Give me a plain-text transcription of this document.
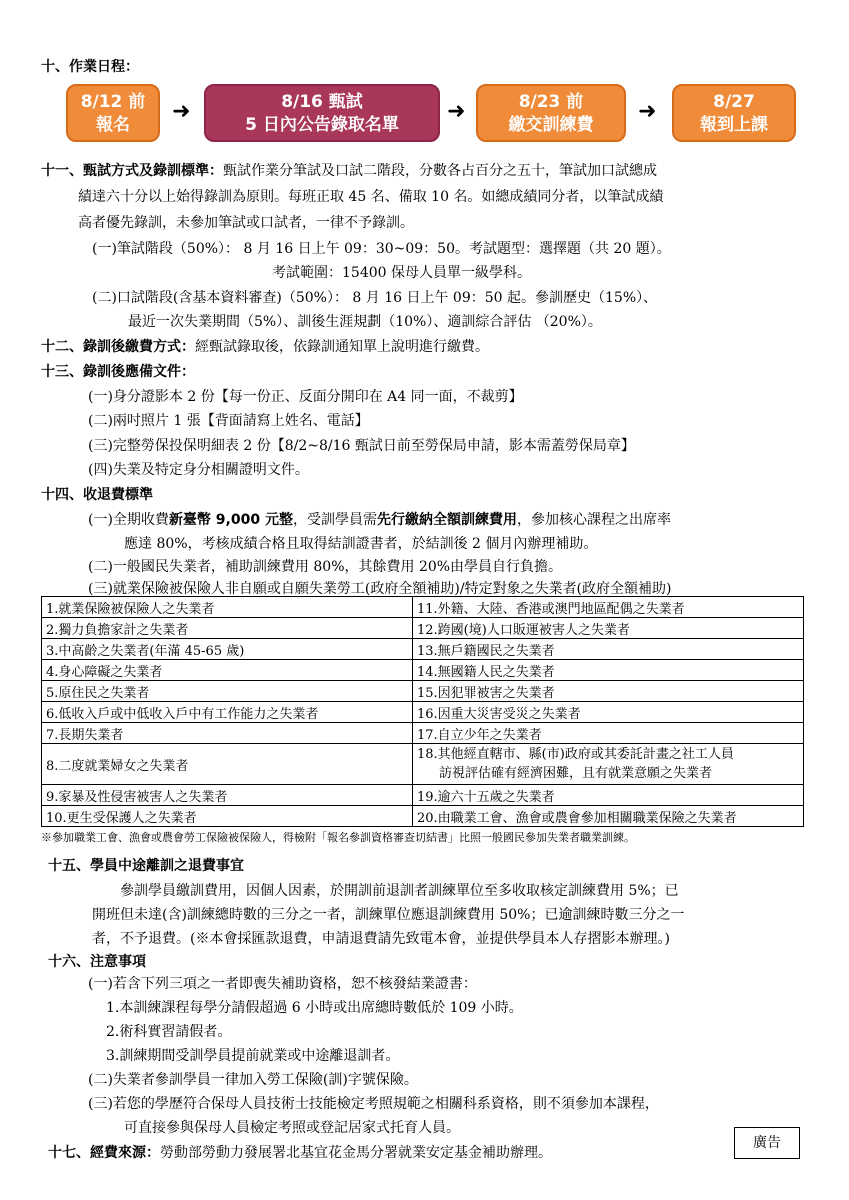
十、作業日程：
8/12 前
報名
➜	8/16 甄試
5 日內公告錄取名單
➜	8/23 前
繳交訓練費
➜	8/27
報到上課
十一、甄試方式及錄訓標準：甄試作業分筆試及口試二階段，分數各占百分之五十，筆試加口試總成
績達六十分以上始得錄訓為原則。每班正取 45 名、備取 10 名。如總成績同分者，以筆試成績
高者優先錄訓，未參加筆試或口試者，一律不予錄訓。
(一)筆試階段（50%）： 8 月 16 日上午 09：30~09：50。考試題型：選擇題（共 20 題）。
考試範圍：15400 保母人員單一級學科。
(二)口試階段(含基本資料審查)（50%）： 8 月 16 日上午 09：50 起。參訓歷史（15%）、
最近一次失業期間（5%）、訓後生涯規劃（10%）、適訓綜合評估 （20%）。
十二、錄訓後繳費方式：經甄試錄取後，依錄訓通知單上說明進行繳費。
十三、錄訓後應備文件：
(一)身分證影本 2 份【每一份正、反面分開印在 A4 同一面，不裁剪】
(二)兩吋照片 1 張【背面請寫上姓名、電話】
(三)完整勞保投保明細表 2 份【8/2~8/16 甄試日前至勞保局申請，影本需蓋勞保局章】
(四)失業及特定身分相關證明文件。
十四、收退費標準
(一)全期收費新臺幣 9,000 元整，受訓學員需先行繳納全額訓練費用，參加核心課程之出席率
應達 80%，考核成績合格且取得結訓證書者，於結訓後 2 個月內辦理補助。
(二)一般國民失業者，補助訓練費用 80%，其餘費用 20%由學員自行負擔。
(三)就業保險被保險人非自願或自願失業勞工(政府全額補助)/特定對象之失業者(政府全額補助)
1.就業保險被保險人之失業者	11.外籍、大陸、香港或澳門地區配偶之失業者
2.獨力負擔家計之失業者	12.跨國(境)人口販運被害人之失業者
3.中高齡之失業者(年滿 45-65 歲)	13.無戶籍國民之失業者
4.身心障礙之失業者	14.無國籍人民之失業者
5.原住民之失業者	15.因犯罪被害之失業者
6.低收入戶或中低收入戶中有工作能力之失業者	16.因重大災害受災之失業者
7.長期失業者	17.自立少年之失業者
8.二度就業婦女之失業者	18.其他經直轄市、縣(市)政府或其委託計畫之社工人員
訪視評估確有經濟困難，且有就業意願之失業者

9.家暴及性侵害被害人之失業者	19.逾六十五歲之失業者
10.更生受保護人之失業者	20.由職業工會、漁會或農會參加相關職業保險之失業者
※參加職業工會、漁會或農會勞工保險被保險人，得檢附「報名參訓資格審查切結書」比照一般國民參加失業者職業訓練。
十五、學員中途離訓之退費事宜
參訓學員繳訓費用，因個人因素，於開訓前退訓者訓練單位至多收取核定訓練費用 5%；已
開班但未達(含)訓練總時數的三分之一者，訓練單位應退訓練費用 50%；已逾訓練時數三分之一
者，不予退費。(※本會採匯款退費，申請退費請先致電本會，並提供學員本人存摺影本辦理。)
十六、注意事項
(一)若含下列三項之一者即喪失補助資格，恕不核發結業證書：
1.本訓練課程每學分請假超過 6 小時或出席總時數低於 109 小時。
2.術科實習請假者。
3.訓練期間受訓學員提前就業或中途離退訓者。
(二)失業者參訓學員一律加入勞工保險(訓)字號保險。
(三)若您的學歷符合保母人員技術士技能檢定考照規範之相關科系資格，則不須參加本課程，
可直接參與保母人員檢定考照或登記居家式托育人員。
十七、經費來源：勞動部勞動力發展署北基宜花金馬分署就業安定基金補助辦理。
廣告
